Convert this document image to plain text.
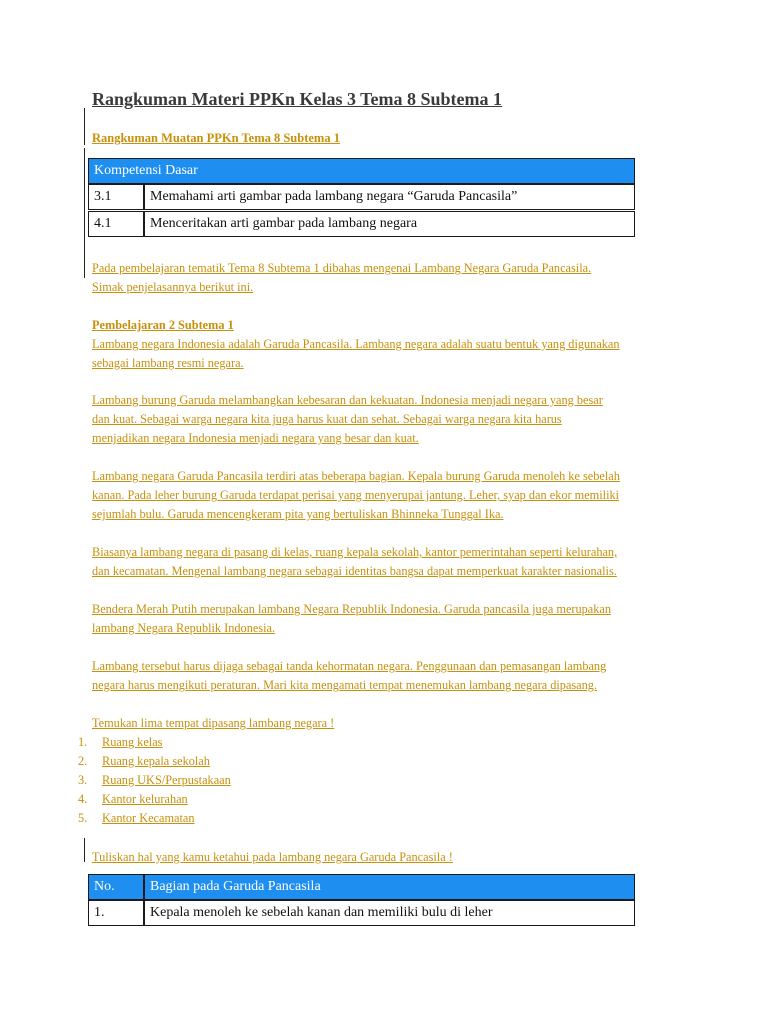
Rangkuman Materi PPKn Kelas 3 Tema 8 Subtema 1
Rangkuman Muatan PPKn Tema 8 Subtema 1
Kompetensi Dasar	
3.1	Memahami arti gambar pada lambang negara “Garuda Pancasila”

4.1	Menceritakan arti gambar pada lambang negara

Pada pembelajaran tematik Tema 8 Subtema 1 dibahas mengenai Lambang Negara Garuda Pancasila.

Simak penjelasannya berikut ini.

Pembelajaran 2 Subtema 1

Lambang negara Indonesia adalah Garuda Pancasila. Lambang negara adalah suatu bentuk yang digunakan

sebagai lambang resmi negara.

Lambang burung Garuda melambangkan kebesaran dan kekuatan. Indonesia menjadi negara yang besar

dan kuat. Sebagai warga negara kita juga harus kuat dan sehat. Sebagai warga negara kita harus

menjadikan negara Indonesia menjadi negara yang besar dan kuat.

Lambang negara Garuda Pancasila terdiri atas beberapa bagian. Kepala burung Garuda menoleh ke sebelah

kanan. Pada leher burung Garuda terdapat perisai yang menyerupai jantung. Leher, syap dan ekor memiliki

sejumlah bulu. Garuda mencengkeram pita yang bertuliskan Bhinneka Tunggal Ika.

Biasanya lambang negara di pasang di kelas, ruang kepala sekolah, kantor pemerintahan seperti kelurahan,

dan kecamatan. Mengenal lambang negara sebagai identitas bangsa dapat memperkuat karakter nasionalis.

Bendera Merah Putih merupakan lambang Negara Republik Indonesia. Garuda pancasila juga merupakan

lambang Negara Republik Indonesia.

Lambang tersebut harus dijaga sebagai tanda kehormatan negara. Penggunaan dan pemasangan lambang

negara harus mengikuti peraturan. Mari kita mengamati tempat menemukan lambang negara dipasang.

Temukan lima tempat dipasang lambang negara !

1. Ruang kelas
2. Ruang kepala sekolah
3. Ruang UKS/Perpustakaan
4. Kantor kelurahan
5. Kantor Kecamatan

Tuliskan hal yang kamu ketahui pada lambang negara Garuda Pancasila !

No.	Bagian pada Garuda Pancasila
1.	Kepala menoleh ke sebelah kanan dan memiliki bulu di leher
